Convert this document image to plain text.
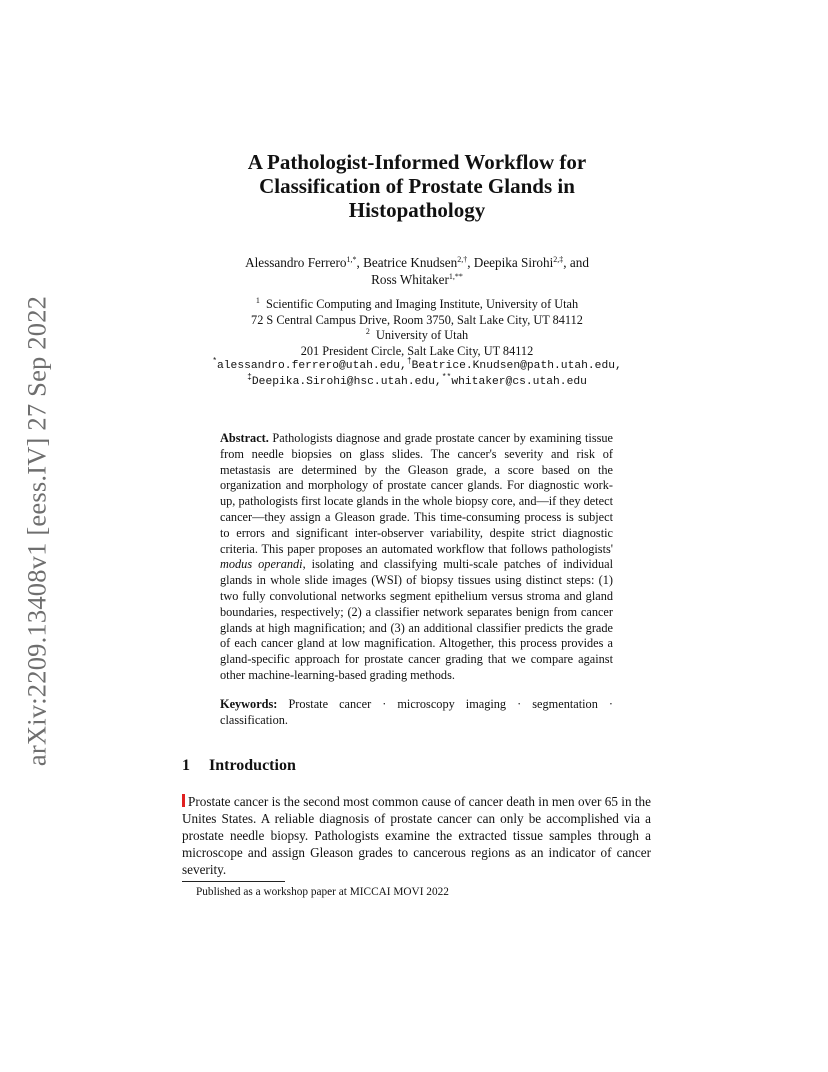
arXiv:2209.13408v1 [eess.IV] 27 Sep 2022
A Pathologist-Informed Workflow for
Classification of Prostate Glands in
Histopathology
Alessandro Ferrero$^{1,*}$, Beatrice Knudsen$^{2,\dagger}$, Deepika Sirohi$^{2,\ddagger}$, and
Ross Whitaker$^{1,**}$
$^1$ Scientific Computing and Imaging Institute, University of Utah
72 S Central Campus Drive, Room 3750, Salt Lake City, UT 84112
$^2$ University of Utah
201 President Circle, Salt Lake City, UT 84112
*alessandro.ferrero@utah.edu,†Beatrice.Knudsen@path.utah.edu,
‡Deepika.Sirohi@hsc.utah.edu,**whitaker@cs.utah.edu
Abstract. Pathologists diagnose and grade prostate cancer by examining tissue from needle biopsies on glass slides. The cancer's severity and risk of metastasis are determined by the Gleason grade, a score based on the organization and morphology of prostate cancer glands. For diagnostic work-up, pathologists first locate glands in the whole biopsy core, and—if they detect cancer—they assign a Gleason grade. This time-consuming process is subject to errors and significant inter-observer variability, despite strict diagnostic criteria. This paper proposes an automated workflow that follows pathologists' modus operandi, isolating and classifying multi-scale patches of individual glands in whole slide images (WSI) of biopsy tissues using distinct steps: (1) two fully convolutional networks segment epithelium versus stroma and gland boundaries, respectively; (2) a classifier network separates benign from cancer glands at high magnification; and (3) an additional classifier predicts the grade of each cancer gland at low magnification. Altogether, this process provides a gland-specific approach for prostate cancer grading that we compare against other machine-learning-based grading methods.
Keywords: Prostate cancer · microscopy imaging · segmentation · classification.
1 Introduction
Prostate cancer is the second most common cause of cancer death in men over 65 in the Unites States. A reliable diagnosis of prostate cancer can only be accomplished via a prostate needle biopsy. Pathologists examine the extracted tissue samples through a microscope and assign Gleason grades to cancerous regions as an indicator of cancer severity.
Published as a workshop paper at MICCAI MOVI 2022
